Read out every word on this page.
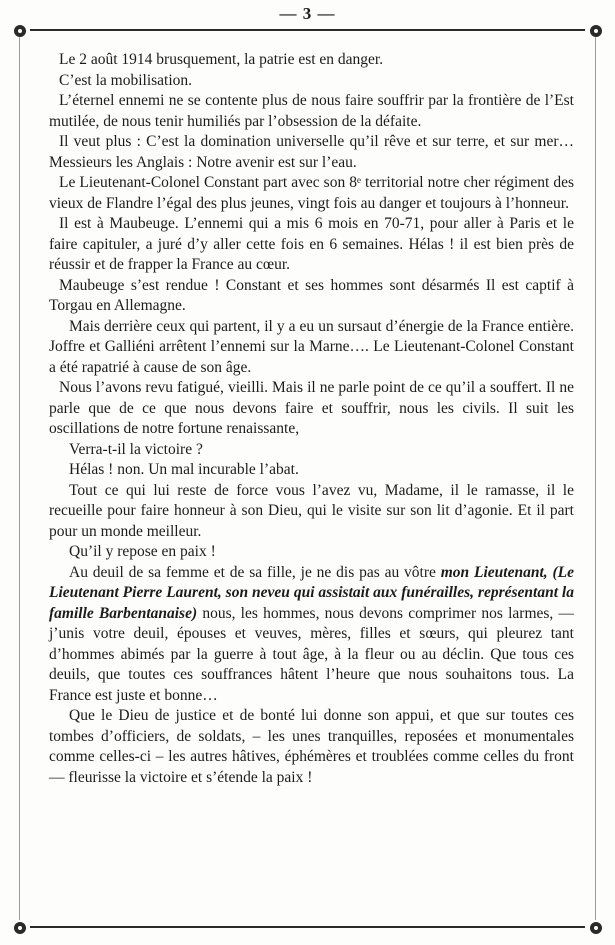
— 3 —

Le 2 août 1914 brusquement, la patrie est en danger.

C’est la mobilisation.

L’éternel ennemi ne se contente plus de nous faire souffrir par la frontière de l’Est mutilée, de nous tenir humiliés par l’obsession de la défaite.

Il veut plus : C’est la domination universelle qu’il rêve et sur terre, et sur mer… Messieurs les Anglais : Notre avenir est sur l’eau.

Le Lieutenant-Colonel Constant part avec son 8ᵉ territorial notre cher régiment des vieux de Flandre l’égal des plus jeunes, vingt fois au danger et toujours à l’honneur.

Il est à Maubeuge. L’ennemi qui a mis 6 mois en 70-71, pour aller à Paris et le faire capituler, a juré d’y aller cette fois en 6 semaines. Hélas ! il est bien près de réussir et de frapper la France au cœur.

Maubeuge s’est rendue ! Constant et ses hommes sont désarmés Il est captif à Torgau en Allemagne.

Mais derrière ceux qui partent, il y a eu un sursaut d’énergie de la France entière. Joffre et Galliéni arrêtent l’ennemi sur la Marne…. Le Lieutenant-Colonel Constant a été rapatrié à cause de son âge.

Nous l’avons revu fatigué, vieilli. Mais il ne parle point de ce qu’il a souffert. Il ne parle que de ce que nous devons faire et souffrir, nous les civils. Il suit les oscillations de notre fortune renaissante,

Verra-t-il la victoire ?

Hélas ! non. Un mal incurable l’abat.

Tout ce qui lui reste de force vous l’avez vu, Madame, il le ramasse, il le recueille pour faire honneur à son Dieu, qui le visite sur son lit d’agonie. Et il part pour un monde meilleur.

Qu’il y repose en paix !

Au deuil de sa femme et de sa fille, je ne dis pas au vôtre mon Lieutenant, (Le Lieutenant Pierre Laurent, son neveu qui assistait aux funérailles, représentant la famille Barbentanaise) nous, les hommes, nous devons comprimer nos larmes, — j’unis votre deuil, épouses et veuves, mères, filles et sœurs, qui pleurez tant d’hommes abimés par la guerre à tout âge, à la fleur ou au déclin. Que tous ces deuils, que toutes ces souffrances hâtent l’heure que nous souhaitons tous. La France est juste et bonne…

Que le Dieu de justice et de bonté lui donne son appui, et que sur toutes ces tombes d’officiers, de soldats, – les unes tranquilles, reposées et monumentales comme celles-ci – les autres hâtives, éphémères et troublées comme celles du front — fleurisse la victoire et s’étende la paix !
